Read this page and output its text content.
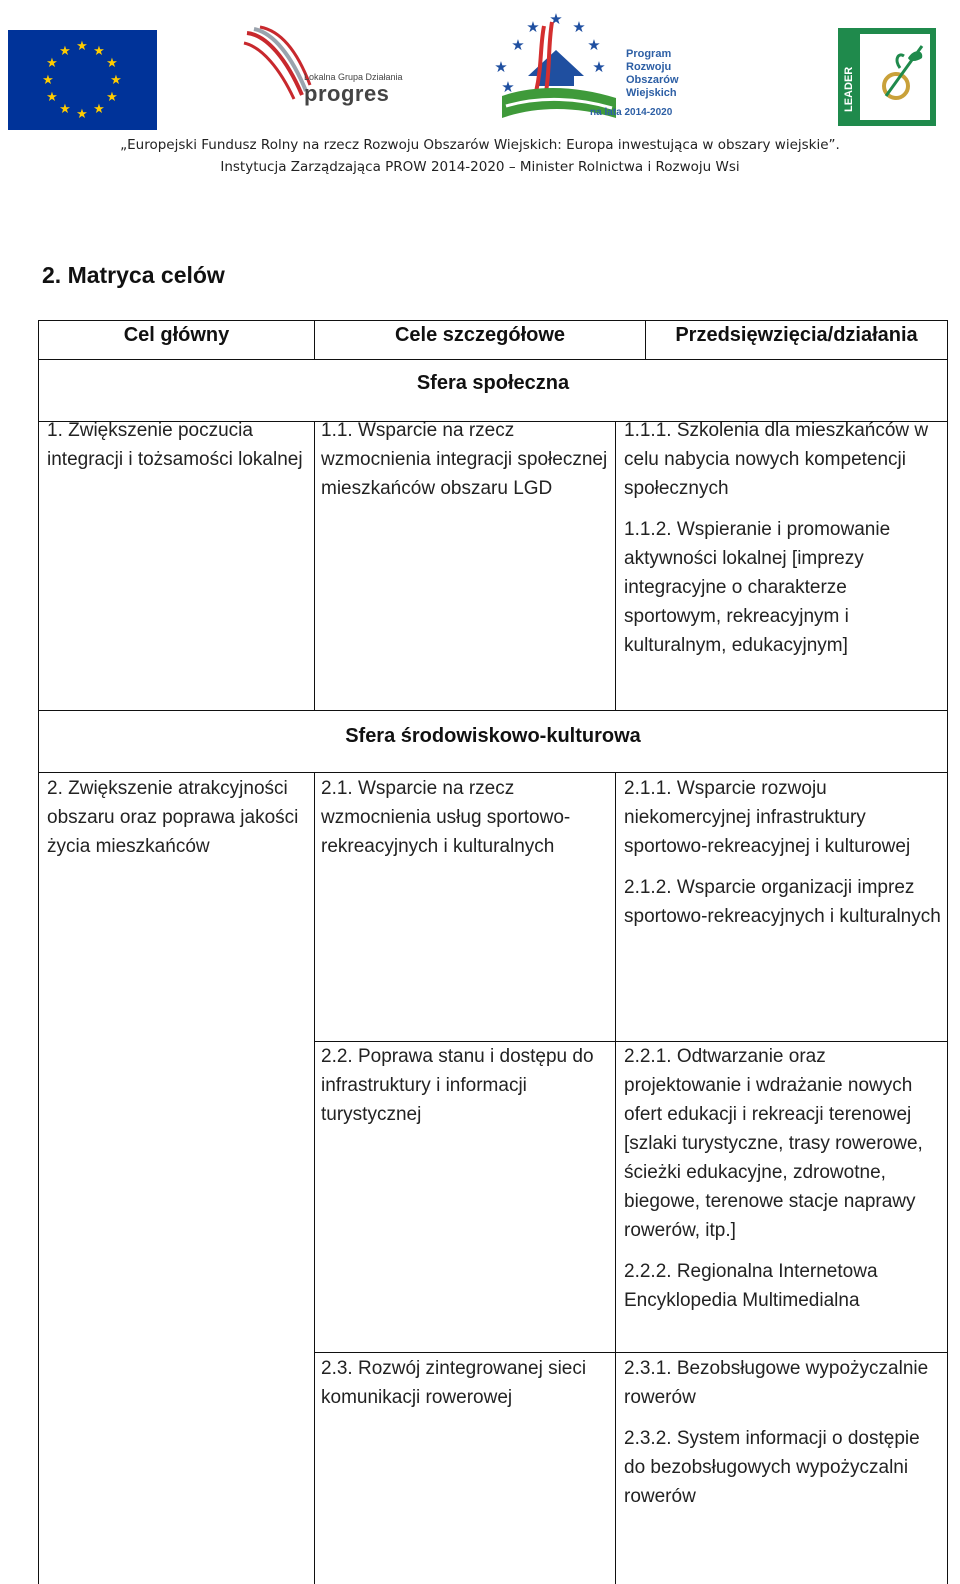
★ ★
★
★
★
★
★
★
★
★
★
★
Lokalna Grupa Działania
progres
★ ★
★
★
★
★
★
★
Program
Rozwoju
Obszarów
Wiejskich
na lata 2014-2020
LEADER
„Europejski Fundusz Rolny na rzecz Rozwoju Obszarów Wiejskich: Europa inwestująca w obszary wiejskie”.
Instytucja Zarządzająca PROW 2014-2020 – Minister Rolnictwa i Rozwoju Wsi
2. Matryca celów
Cel główny	Cele szczegółowe	Przedsięwzięcia/działania
Sfera społeczna

1. Zwiększenie poczucia integracji i tożsamości lokalnej

1.1. Wsparcie na rzecz wzmocnienia integracji społecznej mieszkańców obszaru LGD

1.1.1. Szkolenia dla mieszkańców w celu nabycia nowych kompetencji społecznych

1.1.2. Wspieranie i promowanie aktywności lokalnej [imprezy integracyjne o charakterze sportowym, rekreacyjnym i kulturalnym, edukacyjnym]

Sfera środowiskowo-kulturowa

2. Zwiększenie atrakcyjności obszaru oraz poprawa jakości życia mieszkańców

2.1. Wsparcie na rzecz wzmocnienia usług sportowo-rekreacyjnych i kulturalnych

2.1.1. Wsparcie rozwoju niekomercyjnej infrastruktury sportowo-rekreacyjnej i kulturowej

2.1.2. Wsparcie organizacji imprez sportowo-rekreacyjnych i kulturalnych

2.2. Poprawa stanu i dostępu do infrastruktury i informacji turystycznej

2.2.1. Odtwarzanie oraz projektowanie i wdrażanie nowych ofert edukacji i rekreacji terenowej [szlaki turystyczne, trasy rowerowe, ścieżki edukacyjne, zdrowotne, biegowe, terenowe stacje naprawy rowerów, itp.]

2.2.2. Regionalna Internetowa Encyklopedia Multimedialna

2.3. Rozwój zintegrowanej sieci komunikacji rowerowej

2.3.1. Bezobsługowe wypożyczalnie rowerów

2.3.2. System informacji o dostępie do bezobsługowych wypożyczalni rowerów
